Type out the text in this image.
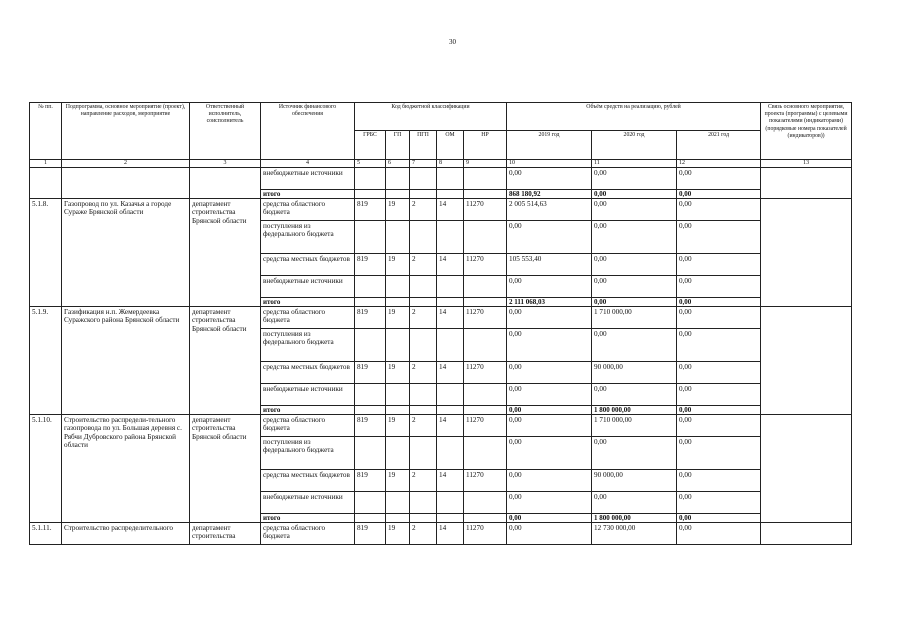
30
№ пп.	Подпрограмма, основное мероприятие (проект), направление расходов, мероприятие	Ответственный исполнитель, соисполнитель	Источник финансового обеспечения	Код бюджетной классификации					Объём средств на реализацию, рублей			Связь основного мероприятия, проекта (программы) с целевыми показателями (индикаторами) (порядковые номера показателей (индикаторов))
				ГРБС	ГП	ПГП	ОМ	НР	2019 год	2020 год	2021 год	
1	2	3	4	5	6	7	8	9	10	11	12	13
			внебюджетные источники						0,00	0,00	0,00	
			итого						868 180,92	0,00	0,00	
5.1.8.	Газопровод по ул. Казачья а городе Сураже Брянской области	департамент строительства Брянской области	средства областного бюджета	819	19	2	14	11270	2 005 514,63	0,00	0,00	
			поступления из федерального бюджета						0,00	0,00	0,00	
			средства местных бюджетов	819	19	2	14	11270	105 553,40	0,00	0,00	
			внебюджетные источники						0,00	0,00	0,00	
			итого						2 111 068,03	0,00	0,00	
5.1.9.	Газификация н.п. Жемердеевка Суражского района Брянской области	департамент строительства Брянской области	средства областного бюджета	819	19	2	14	11270	0,00	1 710 000,00	0,00	
			поступления из федерального бюджета						0,00	0,00	0,00	
			средства местных бюджетов	819	19	2	14	11270	0,00	90 000,00	0,00	
			внебюджетные источники						0,00	0,00	0,00	
			итого						0,00	1 800 000,00	0,00	
5.1.10.	Строительство распредели-тельного газопровода по ул. Большая деревня с. Рябчи Дубровского района Брянской области	департамент строительства Брянской области	средства областного бюджета	819	19	2	14	11270	0,00	1 710 000,00	0,00	
			поступления из федерального бюджета						0,00	0,00	0,00	
			средства местных бюджетов	819	19	2	14	11270	0,00	90 000,00	0,00	
			внебюджетные источники						0,00	0,00	0,00	
			итого						0,00	1 800 000,00	0,00	
5.1.11.	Строительство распределительного	департамент строительства	средства областного бюджета	819	19	2	14	11270	0,00	12 730 000,00	0,00	
